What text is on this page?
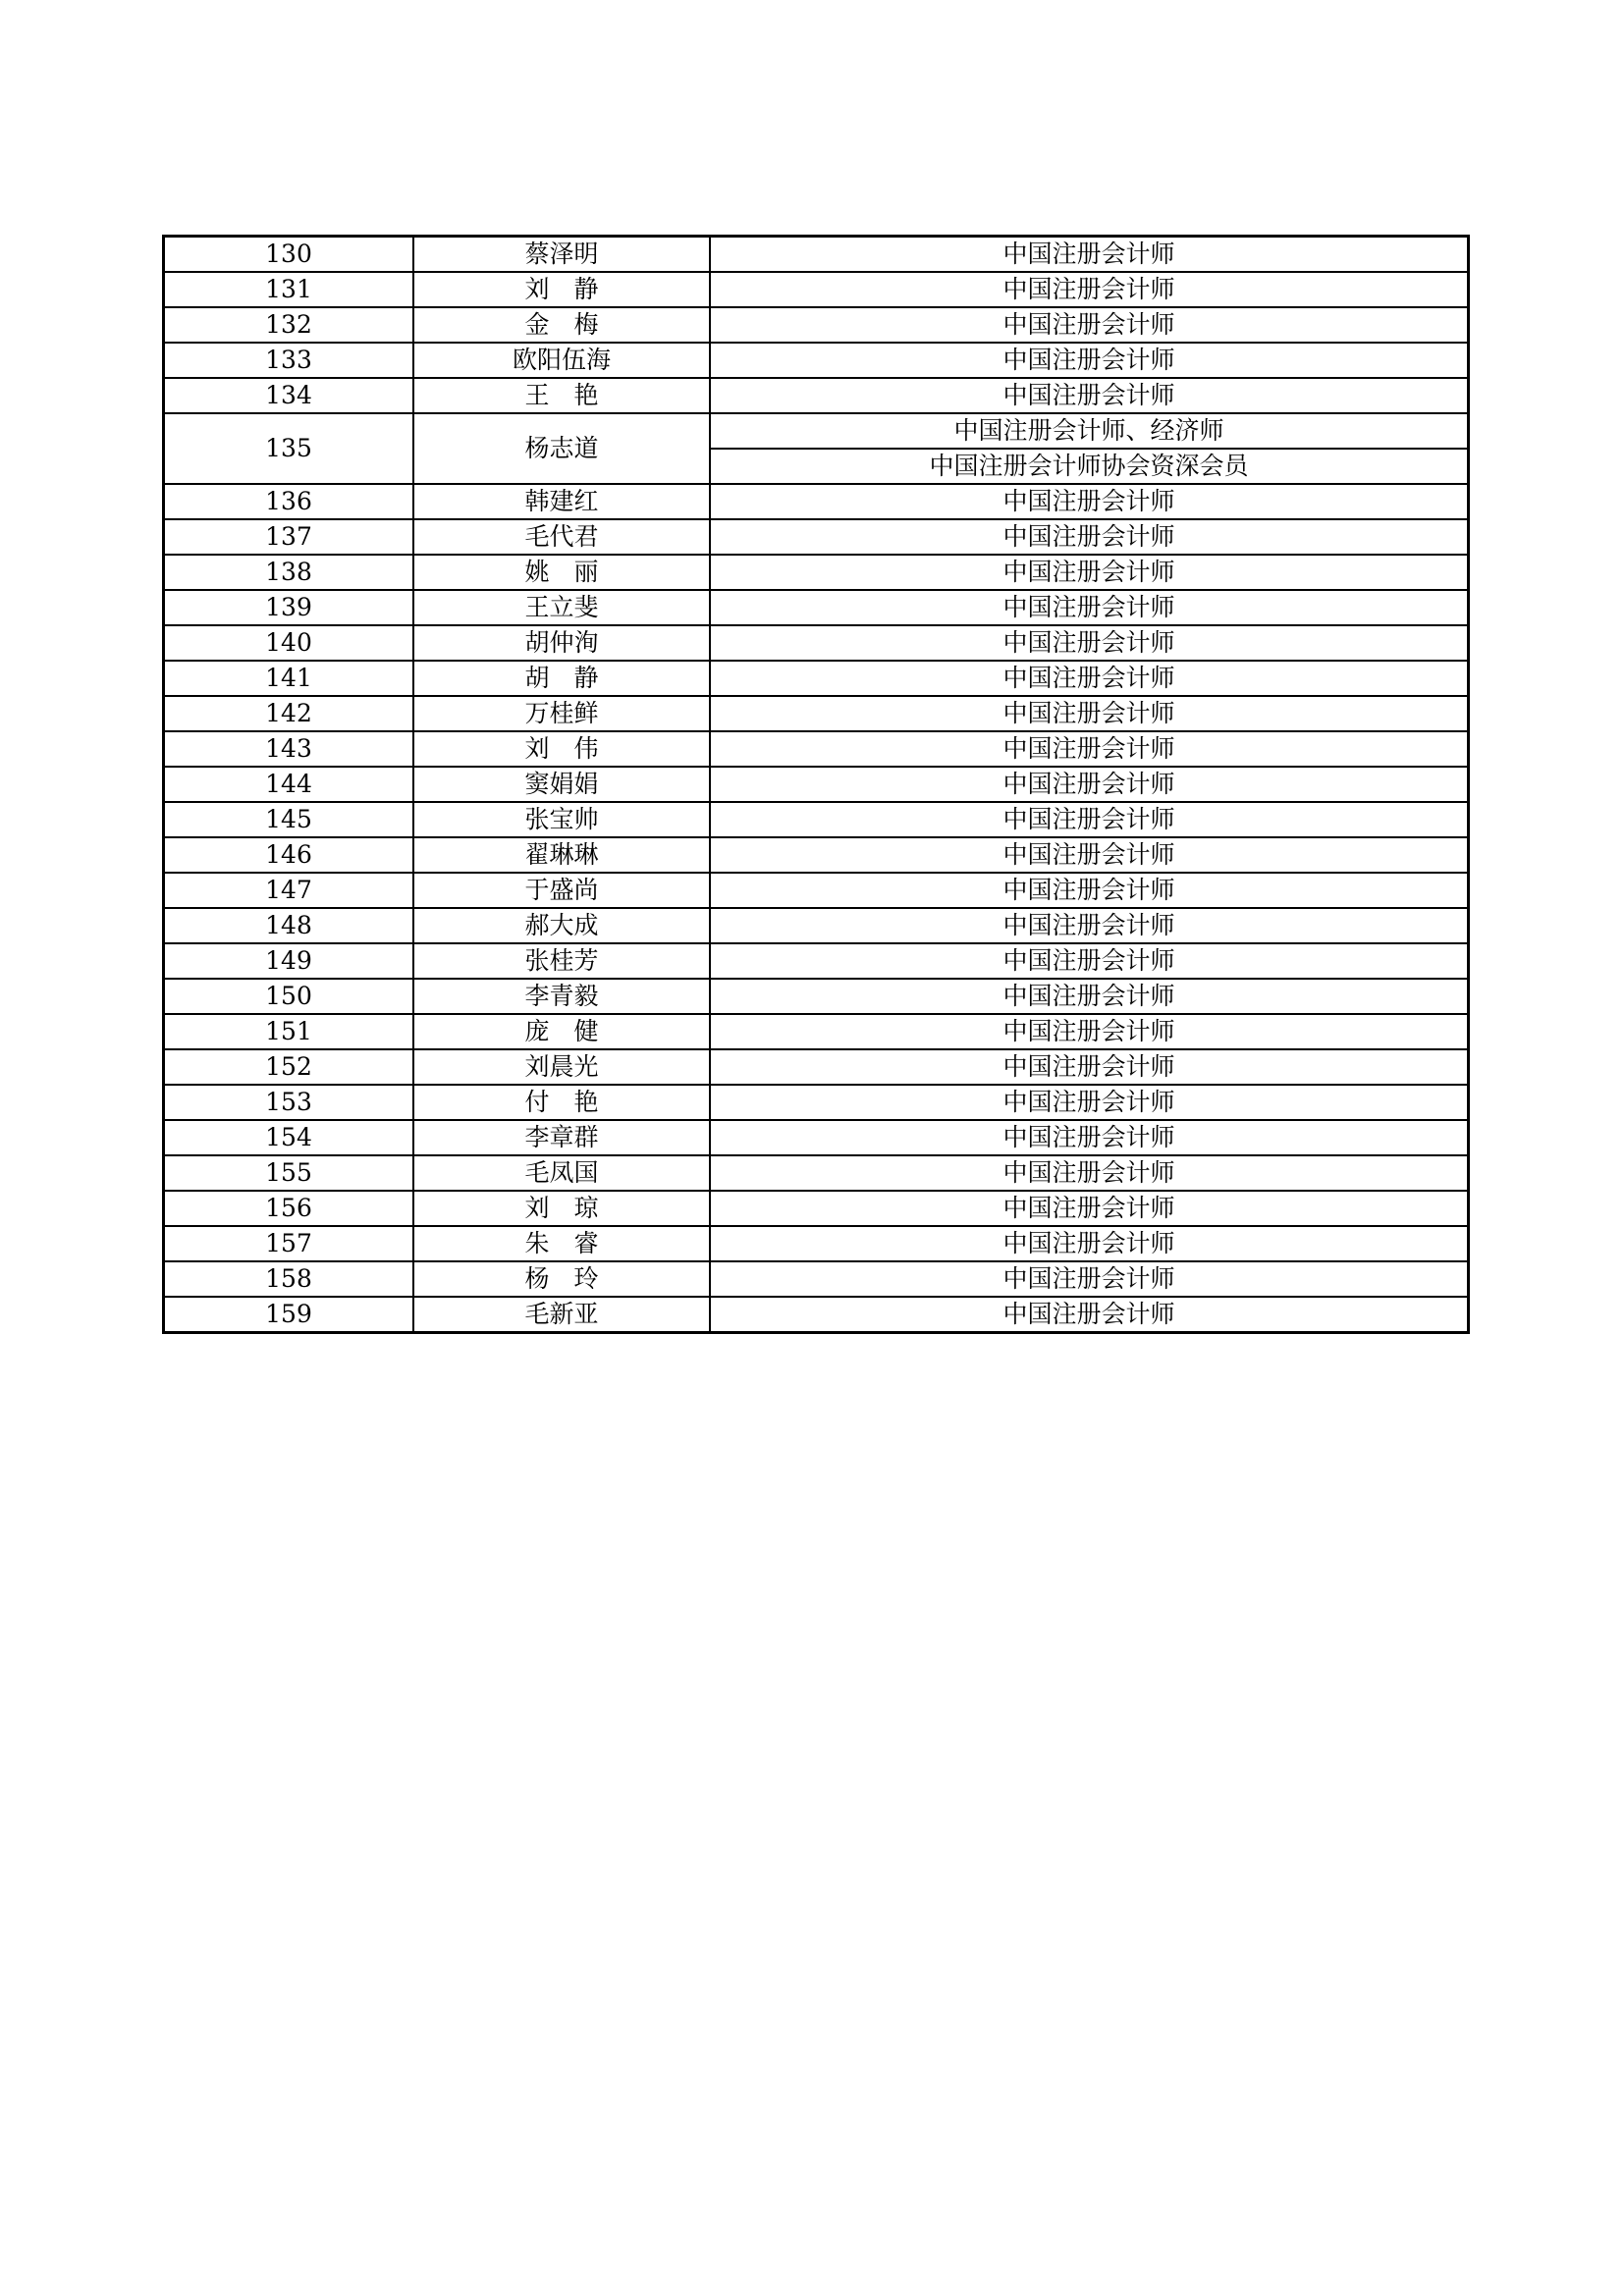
130	蔡泽明	中国注册会计师
131	刘　静	中国注册会计师
132	金　梅	中国注册会计师
133	欧阳伍海	中国注册会计师
134	王　艳	中国注册会计师
135	杨志道	中国注册会计师、经济师
		中国注册会计师协会资深会员
136	韩建红	中国注册会计师
137	毛代君	中国注册会计师
138	姚　丽	中国注册会计师
139	王立斐	中国注册会计师
140	胡仲洵	中国注册会计师
141	胡　静	中国注册会计师
142	万桂鲜	中国注册会计师
143	刘　伟	中国注册会计师
144	窦娟娟	中国注册会计师
145	张宝帅	中国注册会计师
146	翟琳琳	中国注册会计师
147	于盛尚	中国注册会计师
148	郝大成	中国注册会计师
149	张桂芳	中国注册会计师
150	李青毅	中国注册会计师
151	庞　健	中国注册会计师
152	刘晨光	中国注册会计师
153	付　艳	中国注册会计师
154	李章群	中国注册会计师
155	毛凤国	中国注册会计师
156	刘　琼	中国注册会计师
157	朱　睿	中国注册会计师
158	杨　玲	中国注册会计师
159	毛新亚	中国注册会计师
